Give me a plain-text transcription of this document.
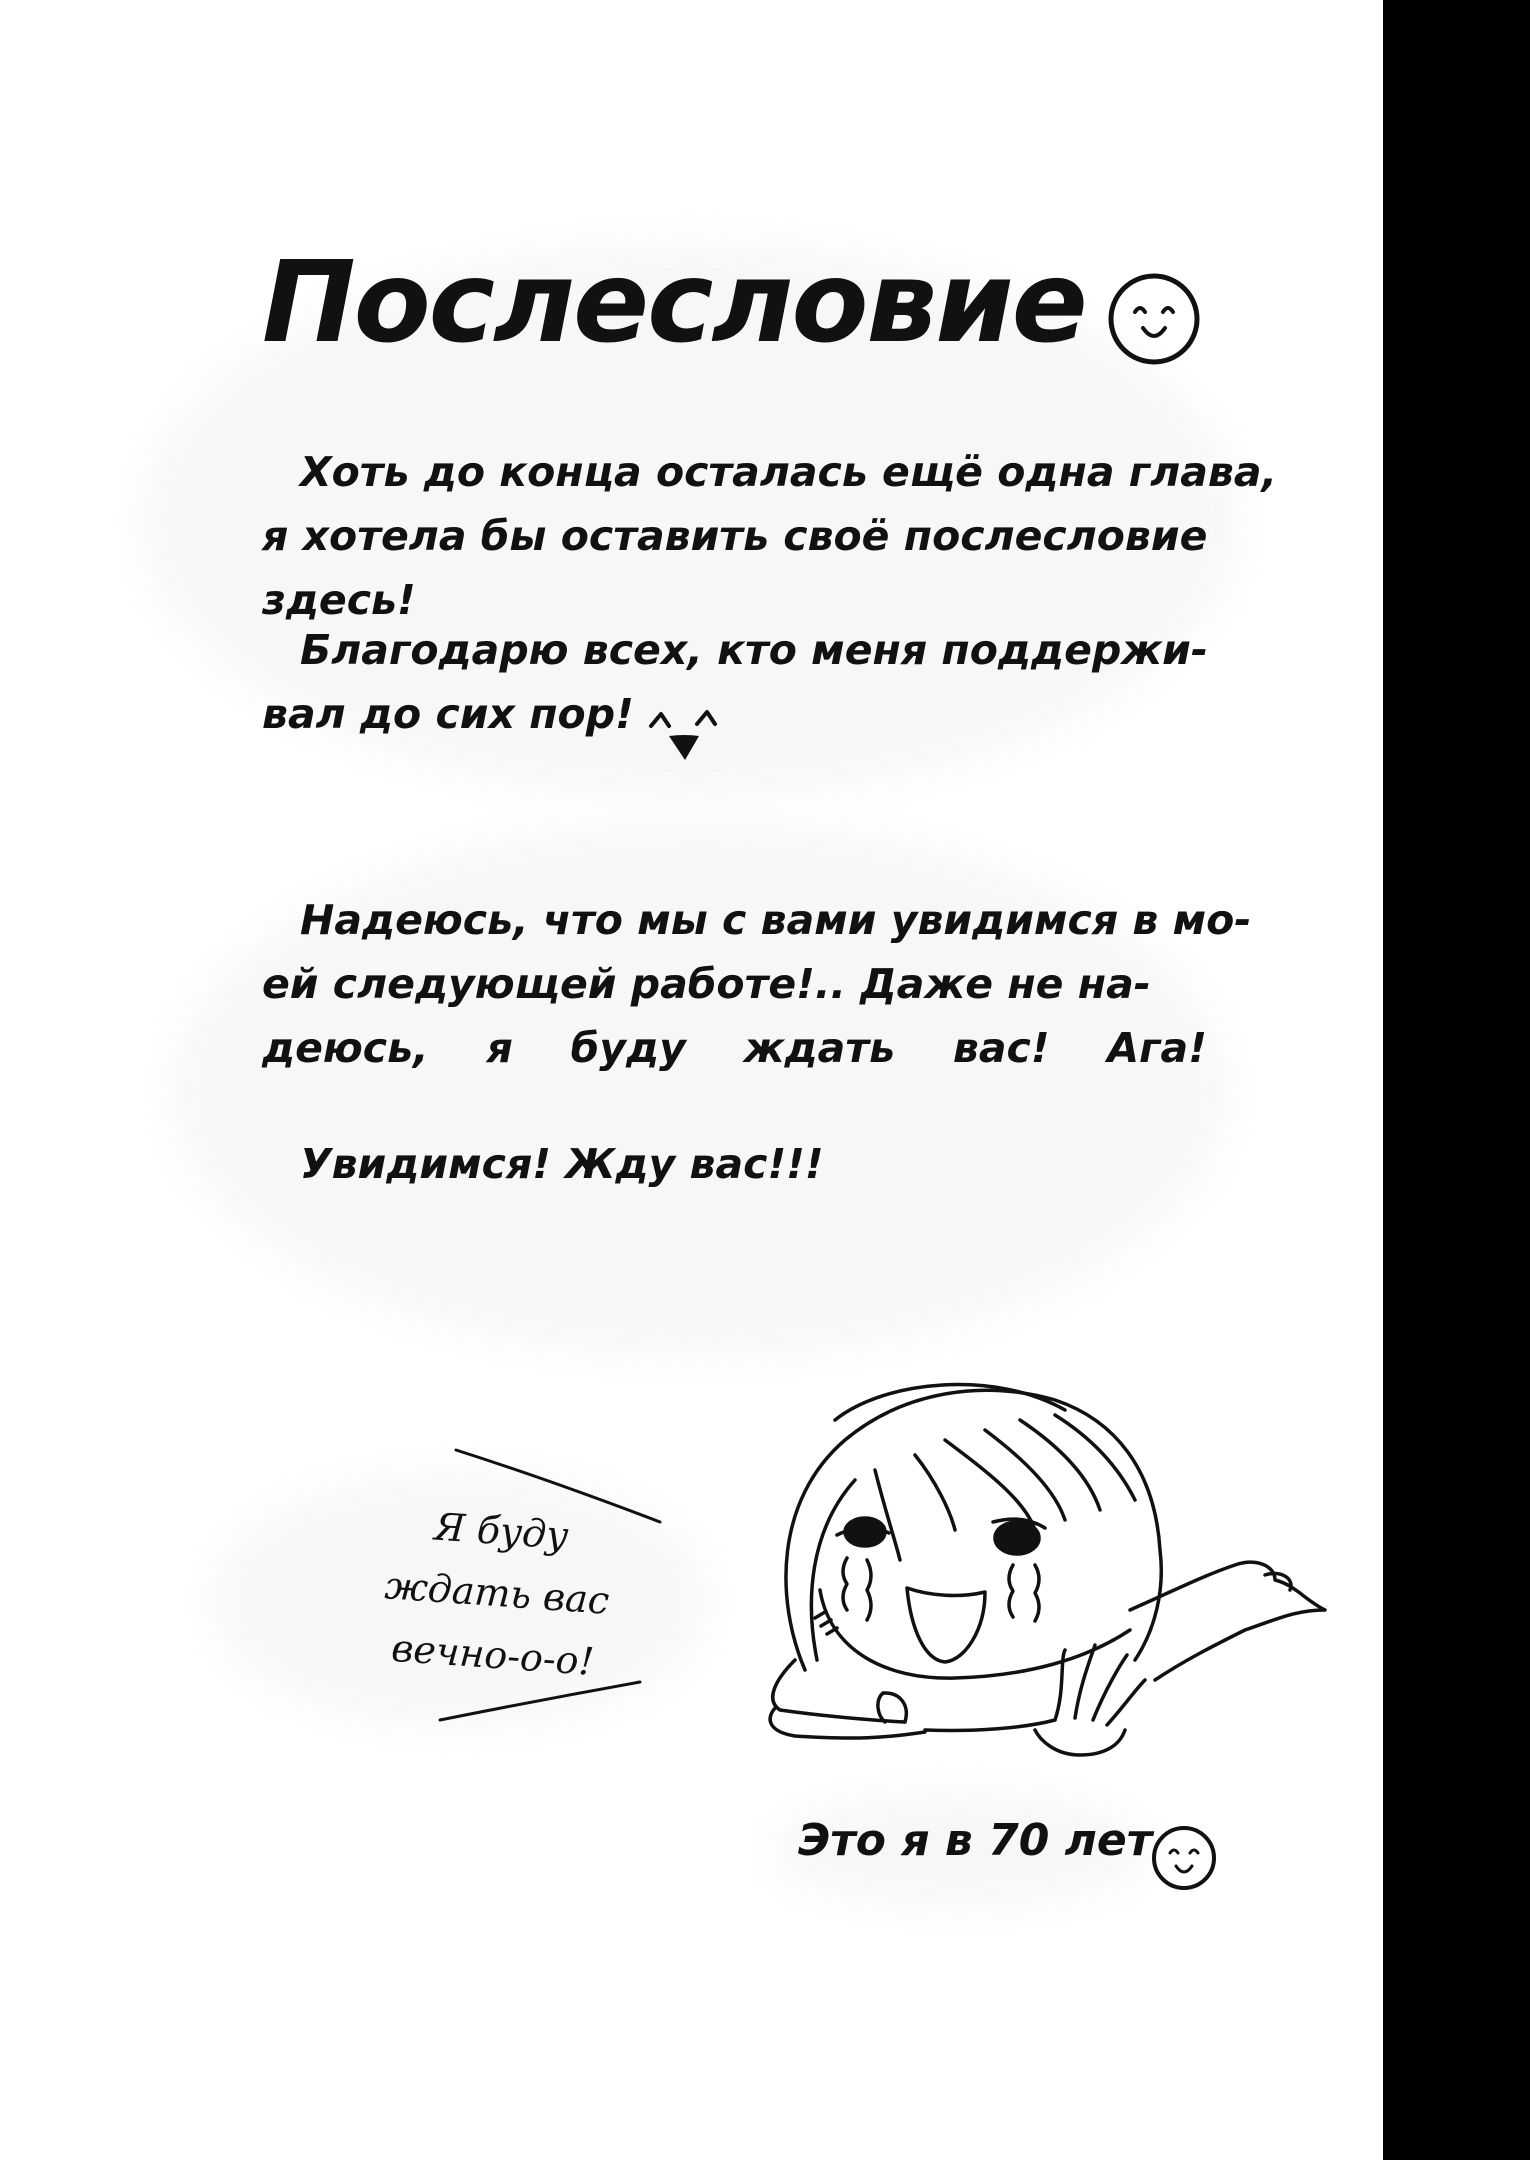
Послесловие

Хоть до конца осталась ещё одна глава,
я хотела бы оставить своё послесловие
здесь!

Благодарю всех, кто меня поддержи-
вал до сих пор!

Надеюсь, что мы с вами увидимся в мо-
ей следующей работе!.. Даже не на-
деюсь, я буду ждать вас! Ага!

Увидимся! Жду вас!!!

Я буду
ждать вас
вечно-о-о!

Это я в 70 лет
